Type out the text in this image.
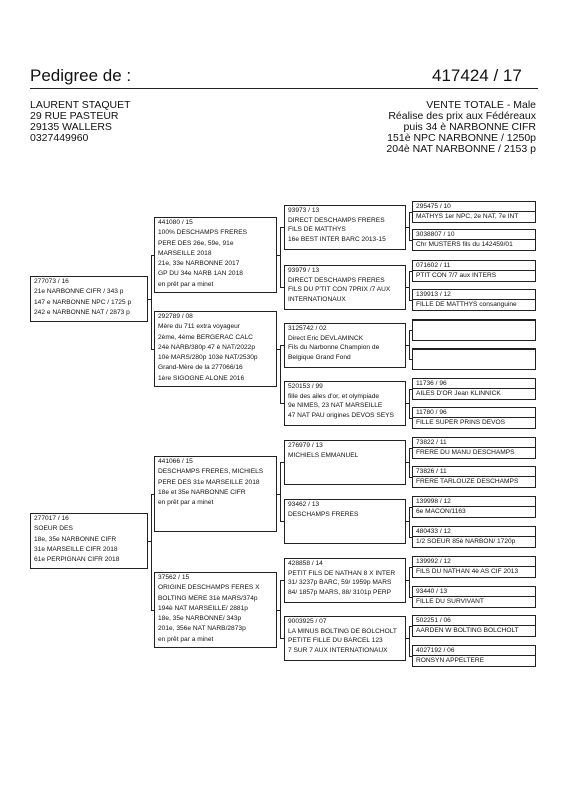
Pedigree de :	417424 / 17
LAURENT STAQUET
29 RUE PASTEUR
29135 WALLERS
0327449960
VENTE TOTALE - Male
Réalise des prix aux Fédéreaux
puis 34 è NARBONNE CIFR
151è NPC NARBONNE / 1250p
204è NAT NARBONNE / 2153 p
277073 / 16
21e NARBONNE CIFR / 343 p
147 e NARBONNE NPC / 1725 p
242 e NARBONNE NAT / 2873 p
277017 / 16
SOEUR DES
18e, 35e NARBONNE CIFR
31e MARSEILLE CIFR 2018
61e PERPIGNAN CIFR 2018
441080 / 15
100% DESCHAMPS FRERES
PERE DES 26e, 59e, 91e
MARSEILLE 2018
21e, 33e NARBONNE 2017
GP DU 34e NARB 1AN 2018
en prêt par a minet
292789 / 08
Mère du 711 extra voyageur
2ème, 4ème BERGERAC CALC
24è NARB/380p 47 è NAT/2022p
10è MARS/280p 103è NAT/2530p
Grand-Mère de la 277066/16
1ère SIGOGNE ALONE 2016
441066 / 15
DESCHAMPS FRERES, MICHIELS
PERE DES 31e MARSEILLE 2018
18e et 35e NARBONNE CIFR
en prêt par a minet
37562 / 15
ORIGINE DESCHAMPS FERES X
BOLTING MERE 31è MARS/374p
194è NAT MARSEILLE/ 2881p
18e, 35e NARBONNE/ 343p
201e, 356e NAT NARB/2873p
en prêt par a minet
93973 / 13
DIRECT DESCHAMPS FRERES
FILS DE MATTHYS
16e BEST INTER BARC 2013-15
93979 / 13
DIRECT DESCHAMPS FRERES
FILS DU P'TIT CON 7PRIX /7 AUX
INTERNATIONAUX
3125742 / 02
Direct Eric DEVLAMINCK
Fils du Narbonne Champion de
Belgique Grand Fond
520153 / 99
fille des ailes d'or, et olympiade
9e NIMES, 23 NAT MARSEILLE
47 NAT PAU origines DEVOS SEYS
276979 / 13
MICHIELS EMMANUEL
93462 / 13
DESCHAMPS FRERES
428858 / 14
PETIT FILS DE NATHAN 8 X INTER
31/ 3237p BARC, 59/ 1959p MARS
84/ 1857p MARS, 88/ 3101p PERP
9003925 / 07
LA MINUS BOLTING DE BOLCHOLT
PETITE FILLE DU BARCEL 123
7 SUR 7 AUX INTERNATIONAUX
295475 / 10
MATHYS 1er NPC, 2e NAT, 7e INT
3038807 / 10
Chr MUSTERS fils du 142459/01
071602 / 11
PTIT CON 7/7 aux INTERS
139913 / 12
FILLE DE MATTHYS consanguine
11736 / 96
AILES D'OR Jean KLINNICK
11780 / 96
FILLE SUPER PRINS DEVOS
73822 / 11
FRERE DU MANU DESCHAMPS
73826 / 11
FRERE TARLOUZE DESCHAMPS
139998 / 12
6e MACON/1163
480433 / 12
1/2 SOEUR 85è NARBON/ 1720p
139992 / 12
FILS DU NATHAN 4è AS CIF 2013
93440 / 13
FILLE DU SURVIVANT
502251 / 06
AARDEN W BOLTING BOLCHOLT
4027192 / 06
RONSYN APPELTERE
